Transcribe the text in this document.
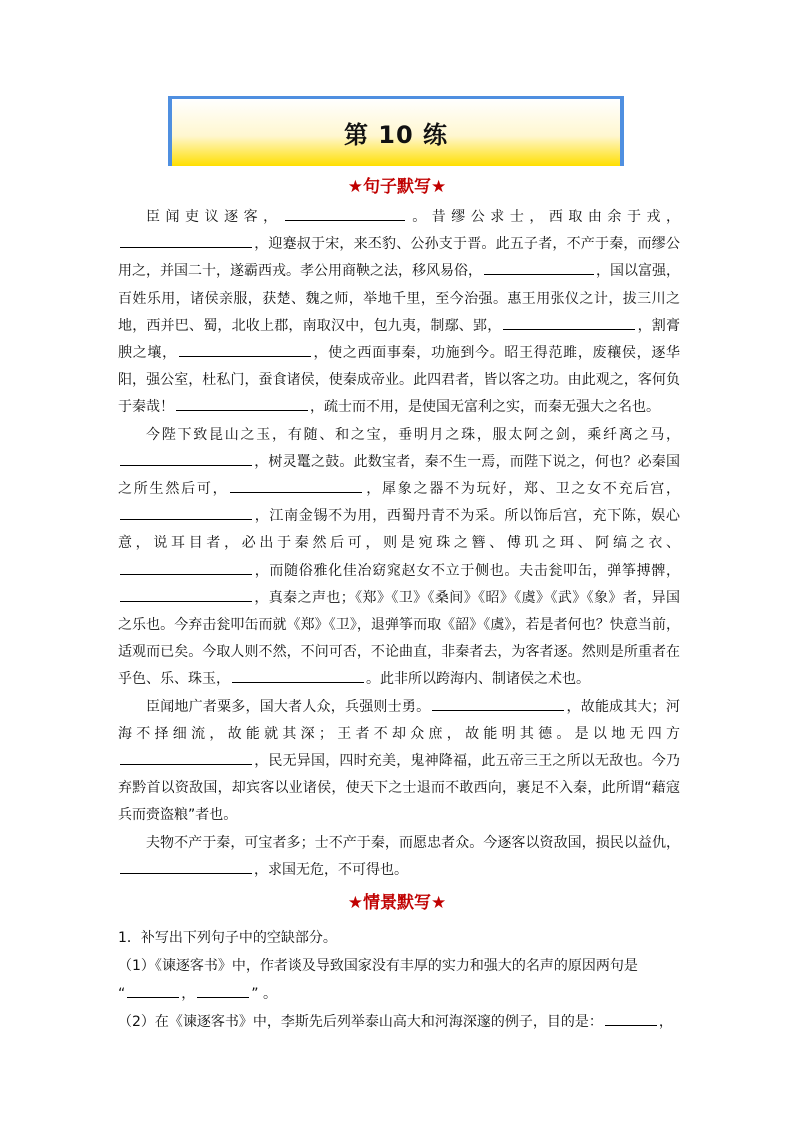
第 10 练
★句子默写★

臣闻吏议逐客，	。昔缪公求士，西取由余于戎，，迎蹇叔于宋，来丕豹、公孙支于晋。此五子者，不产于秦，而缪公用之，并国二十，遂霸西戎。孝公用商鞅之法，移风易俗，	，国以富强，百姓乐用，诸侯亲服，获楚、魏之师，举地千里，至今治强。惠王用张仪之计，拔三川之地，西并巴、蜀，北收上郡，南取汉中，包九夷，制鄢、郢，	，割膏腴之壤，	，使之西面事秦，功施到今。昭王得范雎，废穰侯，逐华阳，强公室，杜私门，蚕食诸侯，使秦成帝业。此四君者，皆以客之功。由此观之，客何负于秦哉！	，疏士而不用，是使国无富利之实，而秦无强大之名也。

今陛下致昆山之玉，有随、和之宝，垂明月之珠，服太阿之剑，乘纤离之马，，树灵鼍之鼓。此数宝者，秦不生一焉，而陛下说之，何也？必秦国之所生然后可，	，犀象之器不为玩好，郑、卫之女不充后宫，，江南金锡不为用，西蜀丹青不为采。所以饰后宫，充下陈，娱心意，说耳目者，必出于秦然后可，则是宛珠之簪、傅玑之珥、阿缟之衣、，而随俗雅化佳冶窈窕赵女不立于侧也。夫击瓮叩缶，弹筝搏髀，，真秦之声也；《郑》《卫》《桑间》《昭》《虞》《武》《象》者，异国之乐也。今弃击瓮叩缶而就《郑》《卫》，退弹筝而取《韶》《虞》，若是者何也？快意当前，适观而已矣。今取人则不然，不问可否，不论曲直，非秦者去，为客者逐。然则是所重者在乎色、乐、珠玉，	。此非所以跨海内、制诸侯之术也。

臣闻地广者粟多，国大者人众，兵强则士勇。	，故能成其大；河海不择细流，故能就其深；王者不却众庶，故能明其德。是以地无四方，民无异国，四时充美，鬼神降福，此五帝三王之所以无敌也。今乃弃黔首以资敌国，却宾客以业诸侯，使天下之士退而不敢西向，裹足不入秦，此所谓“藉寇兵而赍盗粮”者也。

夫物不产于秦，可宝者多；士不产于秦，而愿忠者众。今逐客以资敌国，损民以益仇，，求国无危，不可得也。

★情景默写★
1．补写出下列句子中的空缺部分。
（1）《谏逐客书》中，作者谈及导致国家没有丰厚的实力和强大的名声的原因两句是
“	，	” 。
（2）在《谏逐客书》中，李斯先后列举泰山高大和河海深邃的例子，目的是：	，
